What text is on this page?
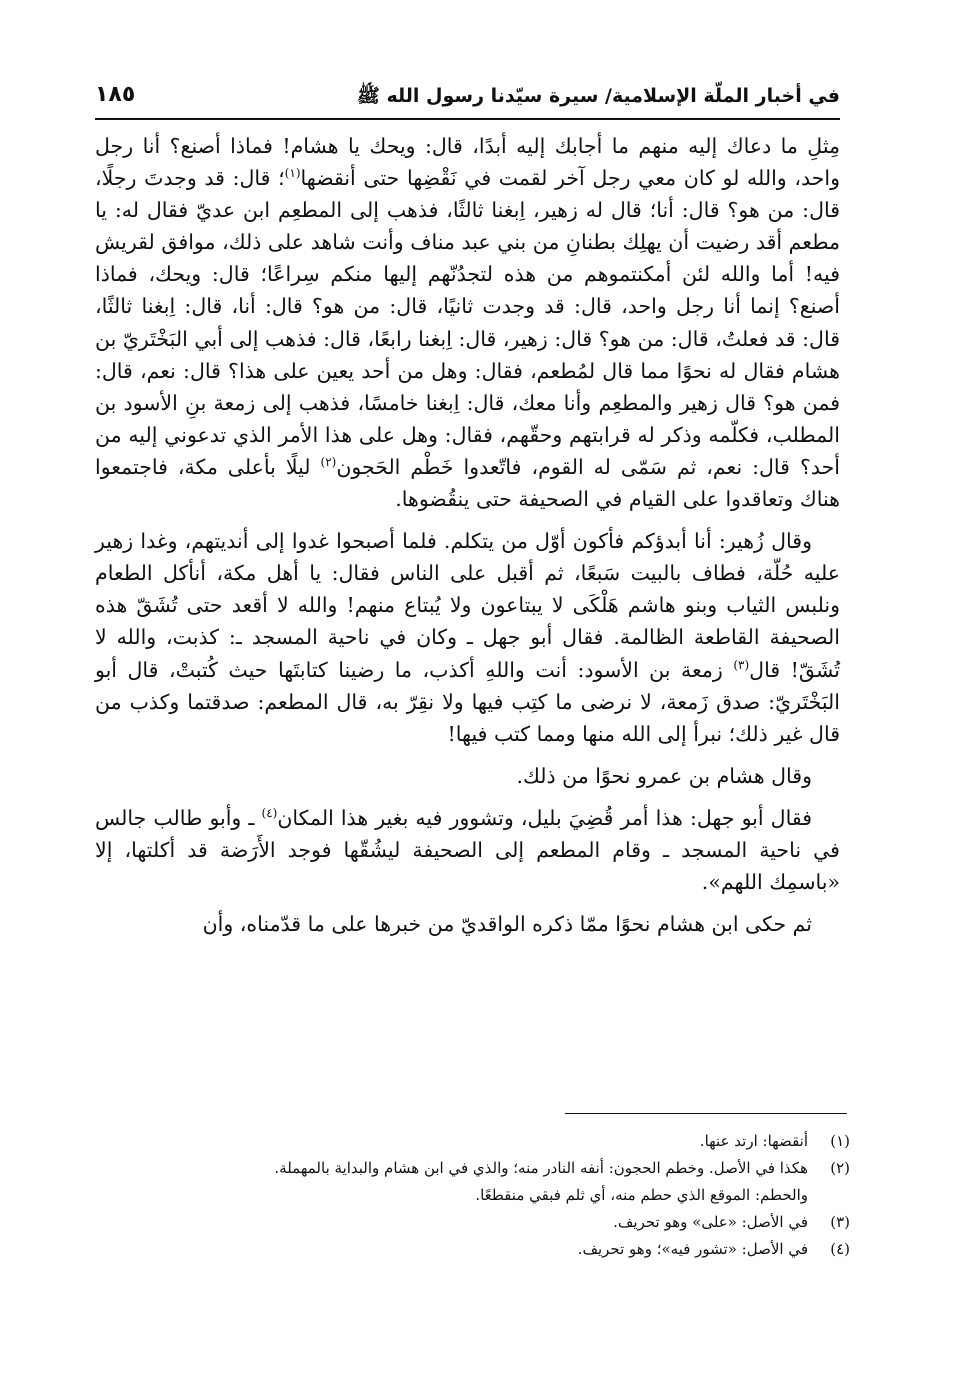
في أخبار الملّة الإسلامية/ سيرة سيّدنا رسول الله ﷺ
١٨٥

مِثلِ ما دعاك إليه منهم ما أجابك إليه أبدًا، قال: ويحك يا هشام! فماذا أصنع؟ أنا رجل واحد، والله لو كان معي رجل آخر لقمت في نَقْضِها حتى أنقضها$^{(١)}$؛ قال: قد وجدتَ رجلًا، قال: من هو؟ قال: أنا؛ قال له زهير، اِبغنا ثالثًا، فذهب إلى المطعِم ابن عديّ فقال له: يا مطعم أقد رضيت أن يهلِك بطنانِ من بني عبد مناف وأنت شاهد على ذلك، موافق لقريش فيه! أما والله لئن أمكنتموهم من هذه لتجدُنّهم إليها منكم سِراعًا؛ قال: ويحك، فماذا أصنع؟ إنما أنا رجل واحد، قال: قد وجدت ثانيًا، قال: من هو؟ قال: أنا، قال: اِبغنا ثالثًا، قال: قد فعلتُ، قال: من هو؟ قال: زهير، قال: اِبغنا رابعًا، قال: فذهب إلى أبي البَخْتَريّ بن هشام فقال له نحوًا مما قال لمُطعم، فقال: وهل من أحد يعين على هذا؟ قال: نعم، قال: فمن هو؟ قال زهير والمطعِم وأنا معك، قال: اِبغنا خامسًا، فذهب إلى زمعة بنِ الأسود بن المطلب، فكلّمه وذكر له قرابتهم وحقّهم، فقال: وهل على هذا الأمر الذي تدعوني إليه من أحد؟ قال: نعم، ثم سَمّى له القوم، فاتّعدوا خَطْم الحَجون$^{(٢)}$ ليلًا بأعلى مكة، فاجتمعوا هناك وتعاقدوا على القيام في الصحيفة حتى ينقُضوها.

وقال زُهير: أنا أبدؤكم فأكون أوّل من يتكلم. فلما أصبحوا غدوا إلى أنديتهم، وغدا زهير عليه حُلّة، فطاف بالبيت سَبعًا، ثم أقبل على الناس فقال: يا أهل مكة، أنأكل الطعام ونلبس الثياب وبنو هاشم هَلْكَى لا يبتاعون ولا يُبتاع منهم! والله لا أقعد حتى تُشَقّ هذه الصحيفة القاطعة الظالمة. فقال أبو جهل ـ وكان في ناحية المسجد ـ: كذبت، والله لا تُشَقّ! قال$^{(٣)}$ زمعة بن الأسود: أنت واللهِ أكذب، ما رضينا كتابتَها حيث كُتبتْ، قال أبو البَخْتَريّ: صدق زَمعة، لا نرضى ما كتِب فيها ولا نقِرّ به، قال المطعم: صدقتما وكذب من قال غير ذلك؛ نبرأ إلى الله منها ومما كتب فيها!

وقال هشام بن عمرو نحوًا من ذلك.

فقال أبو جهل: هذا أمر قُضِيَ بليل، وتشوور فيه بغير هذا المكان$^{(٤)}$ ـ وأبو طالب جالس في ناحية المسجد ـ وقام المطعم إلى الصحيفة ليشُقّها فوجد الأَرَضة قد أكلتها، إلا «باسمِك اللهم».

ثم حكى ابن هشام نحوًا ممّا ذكره الواقديّ من خبرها على ما قدّمناه، وأن

(١)
أنقضها: ارتد عنها.
(٢)
هكذا في الأصل. وخطم الحجون: أنفه النادر منه؛ والذي في ابن هشام والبداية بالمهملة.
والحطم: الموقع الذي حطم منه، أي ثلم فبقي منقطعًا.
(٣)
في الأصل: «على» وهو تحريف.
(٤)
في الأصل: «تشور فيه»؛ وهو تحريف.
